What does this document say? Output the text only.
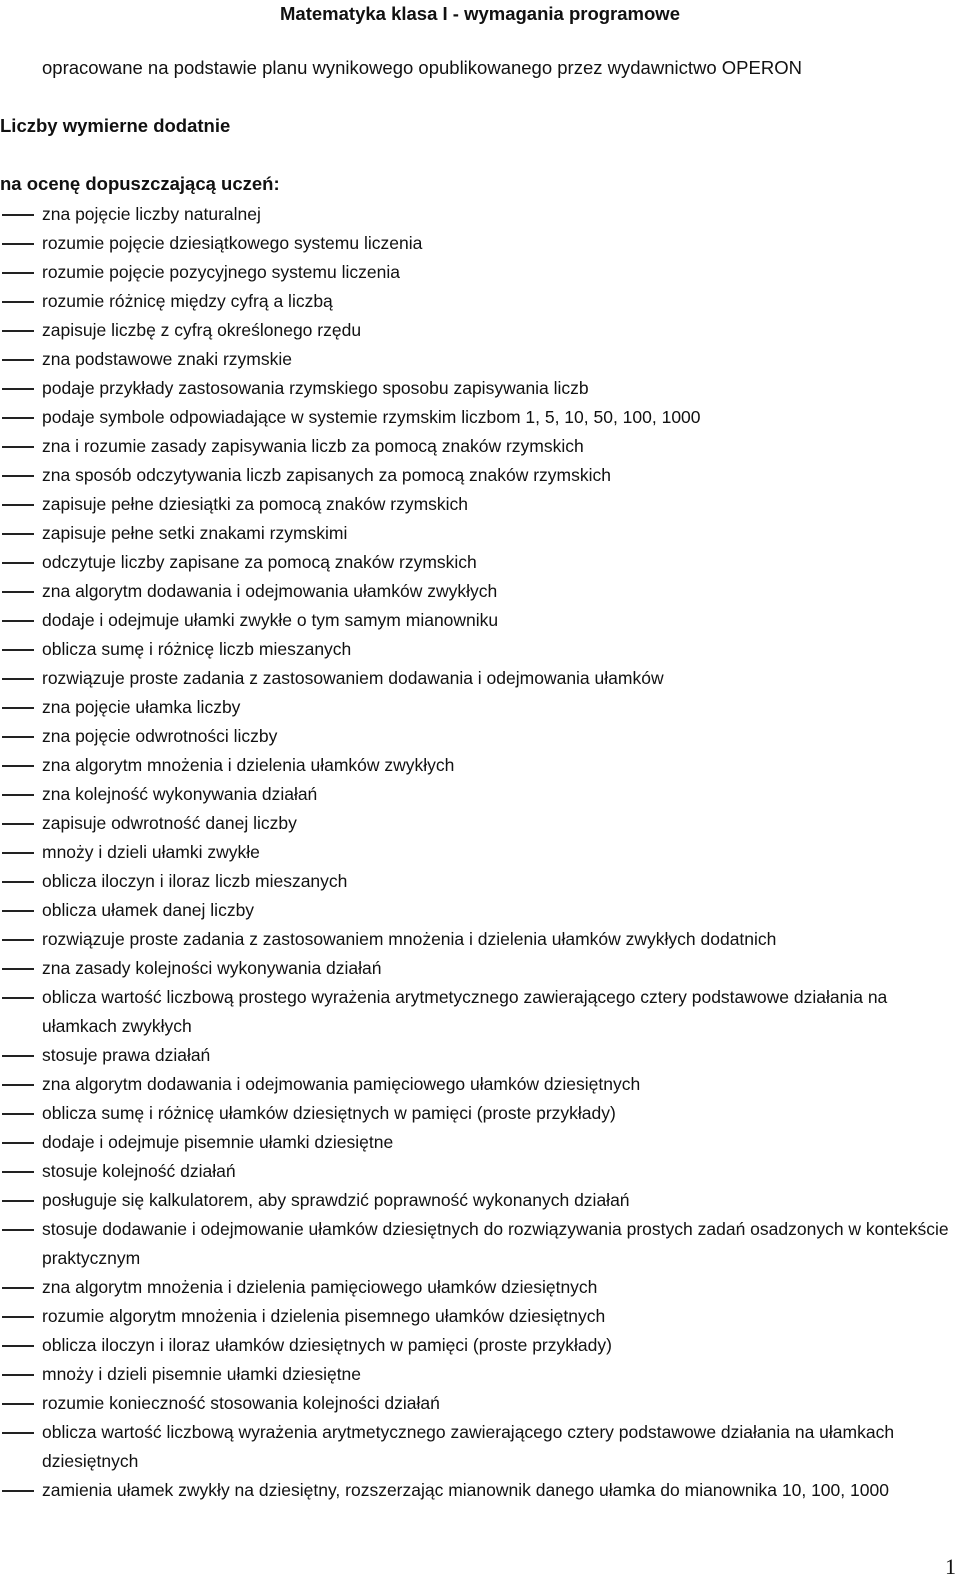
Matematyka klasa I - wymagania programowe
opracowane na podstawie planu wynikowego opublikowanego przez wydawnictwo OPERON
Liczby wymierne dodatnie
na ocenę dopuszczającą uczeń:
zna pojęcie liczby naturalnej
rozumie pojęcie dziesiątkowego systemu liczenia
rozumie pojęcie pozycyjnego systemu liczenia
rozumie różnicę między cyfrą a liczbą
zapisuje liczbę z cyfrą określonego rzędu
zna podstawowe znaki rzymskie
podaje przykłady zastosowania rzymskiego sposobu zapisywania liczb
podaje symbole odpowiadające w systemie rzymskim liczbom 1, 5, 10, 50, 100, 1000
zna i rozumie zasady zapisywania liczb za pomocą znaków rzymskich
zna sposób odczytywania liczb zapisanych za pomocą znaków rzymskich
zapisuje pełne dziesiątki za pomocą znaków rzymskich
zapisuje pełne setki znakami rzymskimi
odczytuje liczby zapisane za pomocą znaków rzymskich
zna algorytm dodawania i odejmowania ułamków zwykłych
dodaje i odejmuje ułamki zwykłe o tym samym mianowniku
oblicza sumę i różnicę liczb mieszanych
rozwiązuje proste zadania z zastosowaniem dodawania i odejmowania ułamków
zna pojęcie ułamka liczby
zna pojęcie odwrotności liczby
zna algorytm mnożenia i dzielenia ułamków zwykłych
zna kolejność wykonywania działań
zapisuje odwrotność danej liczby
mnoży i dzieli ułamki zwykłe
oblicza iloczyn i iloraz liczb mieszanych
oblicza ułamek danej liczby
rozwiązuje proste zadania z zastosowaniem mnożenia i dzielenia ułamków zwykłych dodatnich
zna zasady kolejności wykonywania działań
oblicza wartość liczbową prostego wyrażenia arytmetycznego zawierającego cztery podstawowe działania na ułamkach zwykłych
stosuje prawa działań
zna algorytm dodawania i odejmowania pamięciowego ułamków dziesiętnych
oblicza sumę i różnicę ułamków dziesiętnych w pamięci (proste przykłady)
dodaje i odejmuje pisemnie ułamki dziesiętne
stosuje kolejność działań
posługuje się kalkulatorem, aby sprawdzić poprawność wykonanych działań
stosuje dodawanie i odejmowanie ułamków dziesiętnych do rozwiązywania prostych zadań osadzonych w kontekście praktycznym
zna algorytm mnożenia i dzielenia pamięciowego ułamków dziesiętnych
rozumie algorytm mnożenia i dzielenia pisemnego ułamków dziesiętnych
oblicza iloczyn i iloraz ułamków dziesiętnych w pamięci (proste przykłady)
mnoży i dzieli pisemnie ułamki dziesiętne
rozumie konieczność stosowania kolejności działań
oblicza wartość liczbową wyrażenia arytmetycznego zawierającego cztery podstawowe działania na ułamkach dziesiętnych
zamienia ułamek zwykły na dziesiętny, rozszerzając mianownik danego ułamka do mianownika 10, 100, 1000
1
